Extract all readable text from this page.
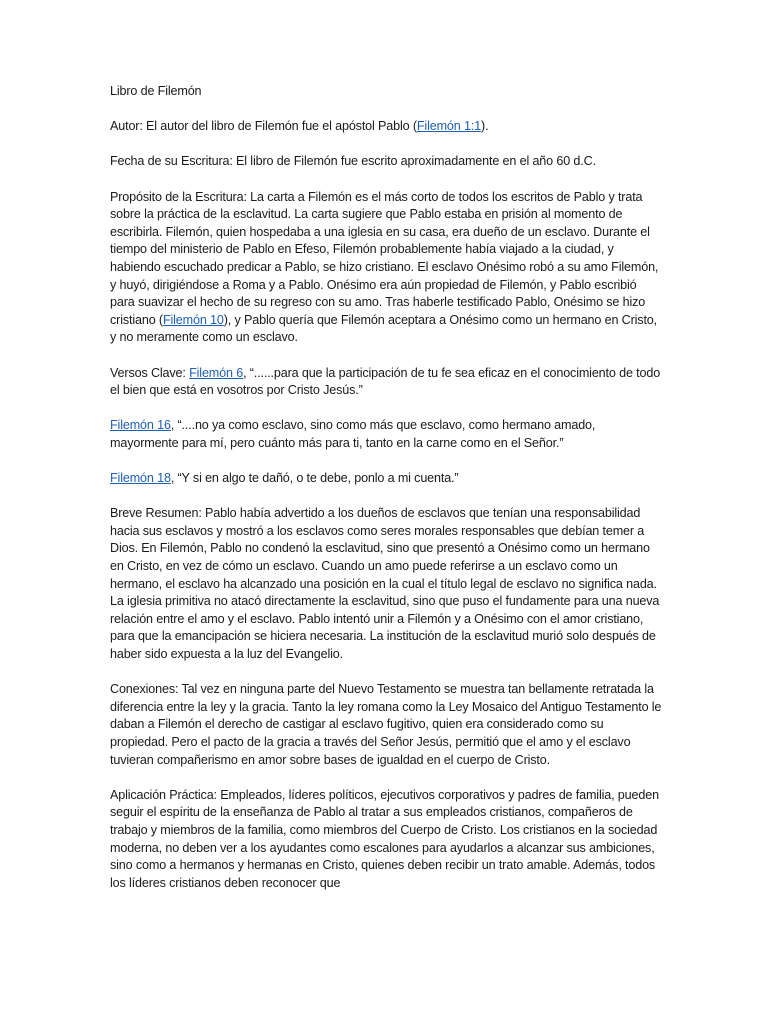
Libro de Filemón

Autor: El autor del libro de Filemón fue el apóstol Pablo (Filemón 1:1).

Fecha de su Escritura: El libro de Filemón fue escrito aproximadamente en el año 60 d.C.

Propósito de la Escritura: La carta a Filemón es el más corto de todos los escritos de Pablo y trata sobre la práctica de la esclavitud. La carta sugiere que Pablo estaba en prisión al momento de escribirla. Filemón, quien hospedaba a una iglesia en su casa, era dueño de un esclavo. Durante el tiempo del ministerio de Pablo en Efeso, Filemón probablemente había viajado a la ciudad, y habiendo escuchado predicar a Pablo, se hizo cristiano. El esclavo Onésimo robó a su amo Filemón, y huyó, dirigiéndose a Roma y a Pablo. Onésimo era aún propiedad de Filemón, y Pablo escribió para suavizar el hecho de su regreso con su amo. Tras haberle testificado Pablo, Onésimo se hizo cristiano (Filemón 10), y Pablo quería que Filemón aceptara a Onésimo como un hermano en Cristo, y no meramente como un esclavo.

Versos Clave: Filemón 6, “......para que la participación de tu fe sea eficaz en el conocimiento de todo el bien que está en vosotros por Cristo Jesús.”

Filemón 16, “....no ya como esclavo, sino como más que esclavo, como hermano amado, mayormente para mí, pero cuánto más para ti, tanto en la carne como en el Señor.”

Filemón 18, “Y si en algo te dañó, o te debe, ponlo a mi cuenta.”

Breve Resumen: Pablo había advertido a los dueños de esclavos que tenían una responsabilidad hacia sus esclavos y mostró a los esclavos como seres morales responsables que debían temer a Dios. En Filemón, Pablo no condenó la esclavitud, sino que presentó a Onésimo como un hermano en Cristo, en vez de cómo un esclavo. Cuando un amo puede referirse a un esclavo como un hermano, el esclavo ha alcanzado una posición en la cual el título legal de esclavo no significa nada. La iglesia primitiva no atacó directamente la esclavitud, sino que puso el fundamente para una nueva relación entre el amo y el esclavo. Pablo intentó unir a Filemón y a Onésimo con el amor cristiano, para que la emancipación se hiciera necesaria. La institución de la esclavitud murió solo después de haber sido expuesta a la luz del Evangelio.

Conexiones: Tal vez en ninguna parte del Nuevo Testamento se muestra tan bellamente retratada la diferencia entre la ley y la gracia. Tanto la ley romana como la Ley Mosaico del Antiguo Testamento le daban a Filemón el derecho de castigar al esclavo fugitivo, quien era considerado como su propiedad. Pero el pacto de la gracia a través del Señor Jesús, permitió que el amo y el esclavo tuvieran compañerismo en amor sobre bases de igualdad en el cuerpo de Cristo.

Aplicación Práctica: Empleados, líderes políticos, ejecutivos corporativos y padres de familia, pueden seguir el espíritu de la enseñanza de Pablo al tratar a sus empleados cristianos, compañeros de trabajo y miembros de la familia, como miembros del Cuerpo de Cristo. Los cristianos en la sociedad moderna, no deben ver a los ayudantes como escalones para ayudarlos a alcanzar sus ambiciones, sino como a hermanos y hermanas en Cristo, quienes deben recibir un trato amable. Además, todos los líderes cristianos deben reconocer que
